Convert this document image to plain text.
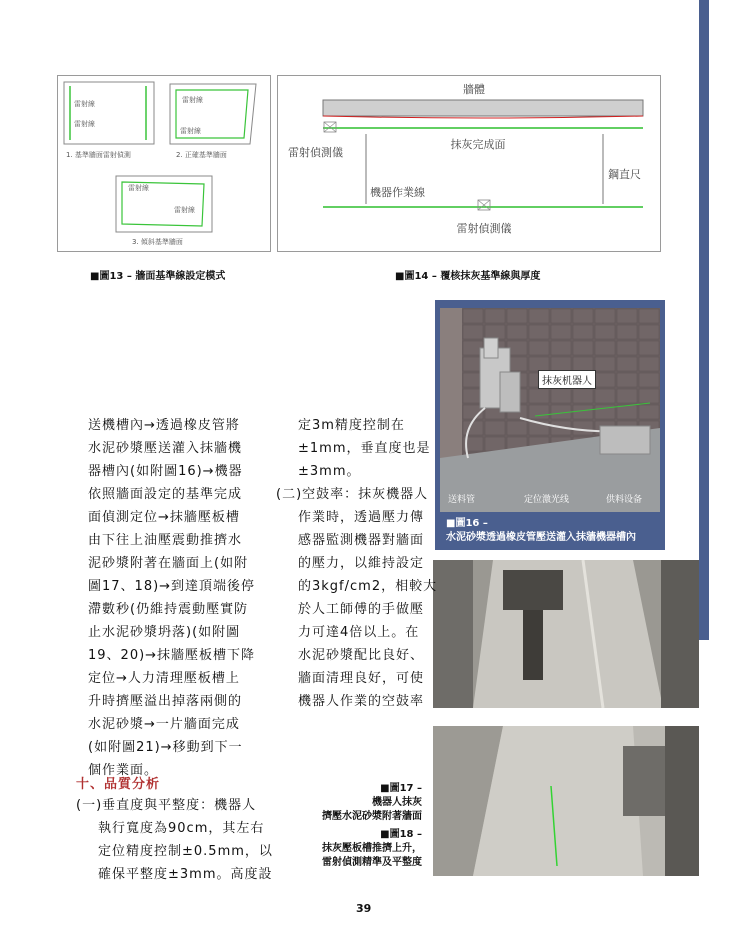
雷射線
雷射線
1. 基準牆面雷射偵測
雷射線
雷射線
2. 正確基準牆面
雷射線
雷射線
3. 傾斜基準牆面
■圖13 – 牆面基準線設定模式
牆體
雷射偵測儀
抹灰完成面
鋼直尺
機器作業線
雷射偵測儀
■圖14 – 覆核抹灰基準線與厚度
抹灰机器人
送料管	定位激光线	供料设备
■圖16 –
水泥砂漿透過橡皮管壓送灌入抹牆機器槽內
■圖17 –
機器人抹灰
擠壓水泥砂漿附著牆面
■圖18 –
抹灰壓板槽推擠上升，
雷射偵測精準及平整度

送機槽內→透過橡皮管將

水泥砂漿壓送灌入抹牆機

器槽內(如附圖16)→機器

依照牆面設定的基準完成

面偵測定位→抹牆壓板槽

由下往上油壓震動推擠水

泥砂漿附著在牆面上(如附

圖17、18)→到達頂端後停

滯數秒(仍維持震動壓實防

止水泥砂漿坍落)(如附圖

19、20)→抹牆壓板槽下降

定位→人力清理壓板槽上

升時擠壓溢出掉落兩側的

水泥砂漿→一片牆面完成

(如附圖21)→移動到下一

個作業面。

十、品質分析

(一)垂直度與平整度：機器人

執行寬度為90cm，其左右

定位精度控制±0.5mm，以

確保平整度±3mm。高度設

定3m精度控制在

±1mm，垂直度也是

±3mm。

(二)空鼓率：抹灰機器人

作業時，透過壓力傳

感器監測機器對牆面

的壓力，以維持設定

的3kgf/cm2，相較大

於人工師傅的手做壓

力可達4倍以上。在

水泥砂漿配比良好、

牆面清理良好，可使

機器人作業的空鼓率

39
